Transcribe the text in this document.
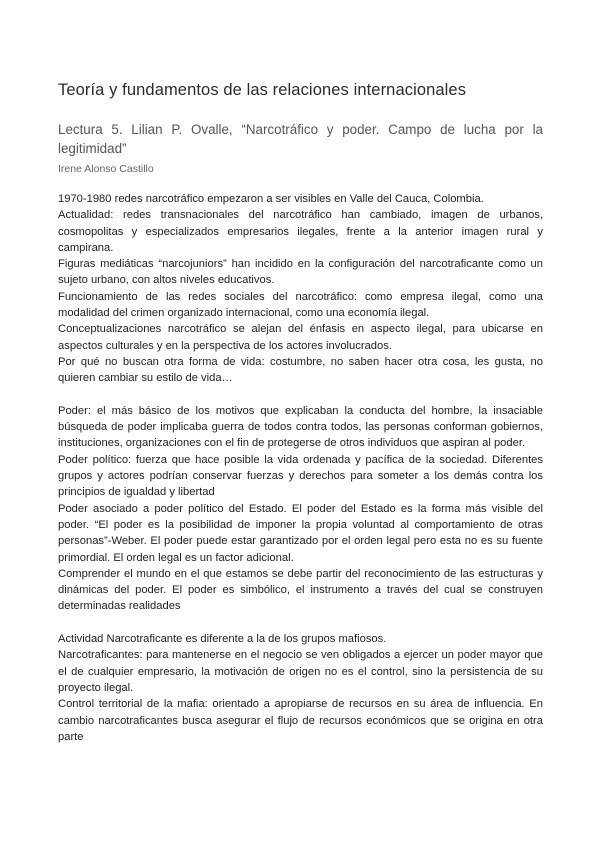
Teoría y fundamentos de las relaciones internacionales

Lectura 5. Lilian P. Ovalle, “Narcotráfico y poder. Campo de lucha por la legitimidad”

Irene Alonso Castillo

1970-1980 redes narcotráfico empezaron a ser visibles en Valle del Cauca, Colombia.

Actualidad: redes transnacionales del narcotráfico han cambiado, imagen de urbanos, cosmopolitas y especializados empresarios ilegales, frente a la anterior imagen rural y campirana.

Figuras mediáticas “narcojuniors” han incidido en la configuración del narcotraficante como un sujeto urbano, con altos niveles educativos.

Funcionamiento de las redes sociales del narcotráfico: como empresa ilegal, como una modalidad del crimen organizado internacional, como una economía ilegal.

Conceptualizaciones narcotráfico se alejan del énfasis en aspecto ilegal, para ubicarse en aspectos culturales y en la perspectiva de los actores involucrados.

Por qué no buscan otra forma de vida: costumbre, no saben hacer otra cosa, les gusta, no quieren cambiar su estilo de vida…

Poder: el más básico de los motivos que explicaban la conducta del hombre, la insaciable búsqueda de poder implicaba guerra de todos contra todos, las personas conforman gobiernos, instituciones, organizaciones con el fin de protegerse de otros individuos que aspiran al poder.

Poder político: fuerza que hace posible la vida ordenada y pacífica de la sociedad. Diferentes grupos y actores podrían conservar fuerzas y derechos para someter a los demás contra los principios de igualdad y libertad

Poder asociado a poder político del Estado. El poder del Estado es la forma más visible del poder. “El poder es la posibilidad de imponer la propia voluntad al comportamiento de otras personas”-Weber. El poder puede estar garantizado por el orden legal pero esta no es su fuente primordial. El orden legal es un factor adicional.

Comprender el mundo en el que estamos se debe partir del reconocimiento de las estructuras y dinámicas del poder. El poder es simbólico, el instrumento a través del cual se construyen determinadas realidades

Actividad Narcotraficante es diferente a la de los grupos mafiosos.

Narcotraficantes: para mantenerse en el negocio se ven obligados a ejercer un poder mayor que el de cualquier empresario, la motivación de origen no es el control, sino la persistencia de su proyecto ilegal.

Control territorial de la mafia: orientado a apropiarse de recursos en su área de influencia. En cambio narcotraficantes busca asegurar el flujo de recursos económicos que se origina en otra parte
